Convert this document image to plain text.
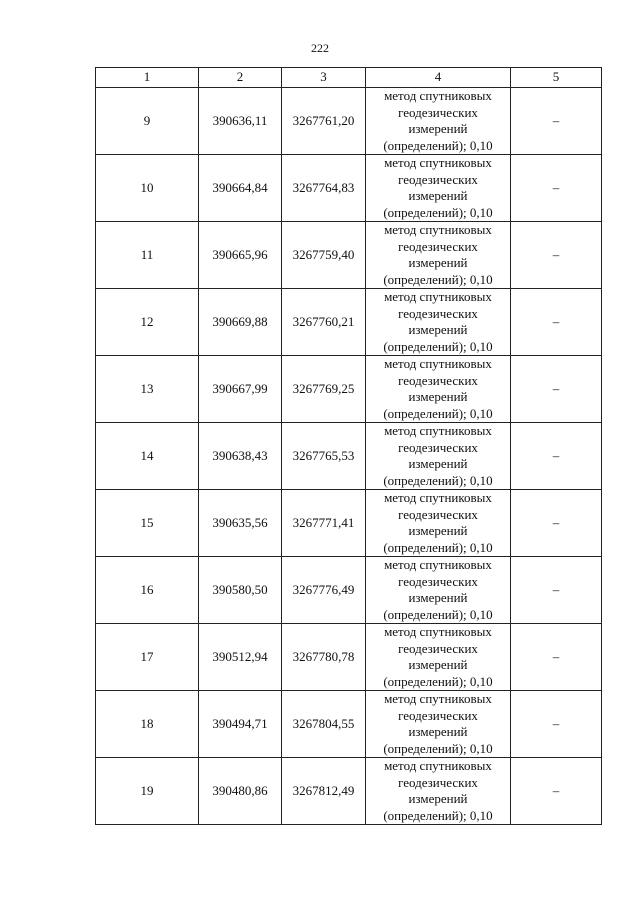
222
1	2	3	4	5
9	390636,11	3267761,20	метод спутниковых
геодезических
измерений
(определений); 0,10	–
10	390664,84	3267764,83	метод спутниковых
геодезических
измерений
(определений); 0,10	–
11	390665,96	3267759,40	метод спутниковых
геодезических
измерений
(определений); 0,10	–
12	390669,88	3267760,21	метод спутниковых
геодезических
измерений
(определений); 0,10	–
13	390667,99	3267769,25	метод спутниковых
геодезических
измерений
(определений); 0,10	–
14	390638,43	3267765,53	метод спутниковых
геодезических
измерений
(определений); 0,10	–
15	390635,56	3267771,41	метод спутниковых
геодезических
измерений
(определений); 0,10	–
16	390580,50	3267776,49	метод спутниковых
геодезических
измерений
(определений); 0,10	–
17	390512,94	3267780,78	метод спутниковых
геодезических
измерений
(определений); 0,10	–
18	390494,71	3267804,55	метод спутниковых
геодезических
измерений
(определений); 0,10	–
19	390480,86	3267812,49	метод спутниковых
геодезических
измерений
(определений); 0,10	–
